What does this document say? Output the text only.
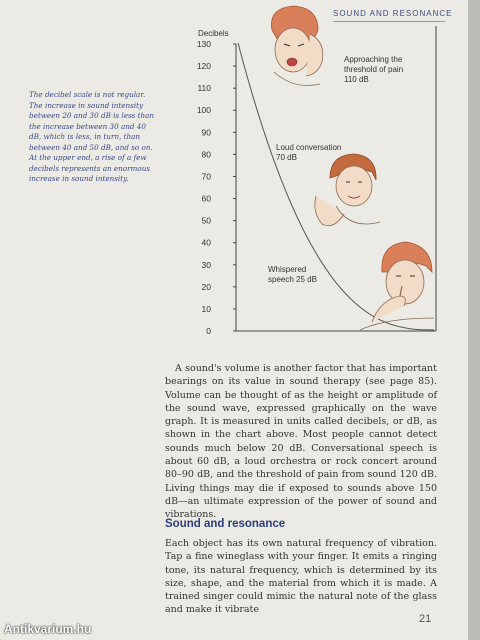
SOUND AND RESONANCE
The decibel scale is not regular. The increase in sound intensity between 20 and 30 dB is less than the increase between 30 and 40 dB, which is less, in turn, than between 40 and 50 dB, and so on. At the upper end, a rise of a few decibels represents an enormous increase in sound intensity.
Decibels
0
10
20
30
40
50
60
70
80
90
100
110
120
130
Approaching the
threshold of pain
110 dB
Loud conversation
70 dB
Whispered
speech 25 dB
A sound's volume is another factor that has important bearings on its value in sound therapy (see page 85). Volume can be thought of as the height or amplitude of the sound wave, expressed graphically on the wave graph. It is measured in units called decibels, or dB, as shown in the chart above. Most people cannot detect sounds much below 20 dB. Conversational speech is about 60 dB, a loud orchestra or rock concert around 80–90 dB, and the threshold of pain from sound 120 dB. Living things may die if exposed to sounds above 150 dB—an ultimate expression of the power of sound and vibrations.
Sound and resonance
Each object has its own natural frequency of vibration. Tap a fine wineglass with your finger. It emits a ringing tone, its natural frequency, which is determined by its size, shape, and the material from which it is made. A trained singer could mimic the natural note of the glass and make it vibrate
21
Antikvarium.hu
